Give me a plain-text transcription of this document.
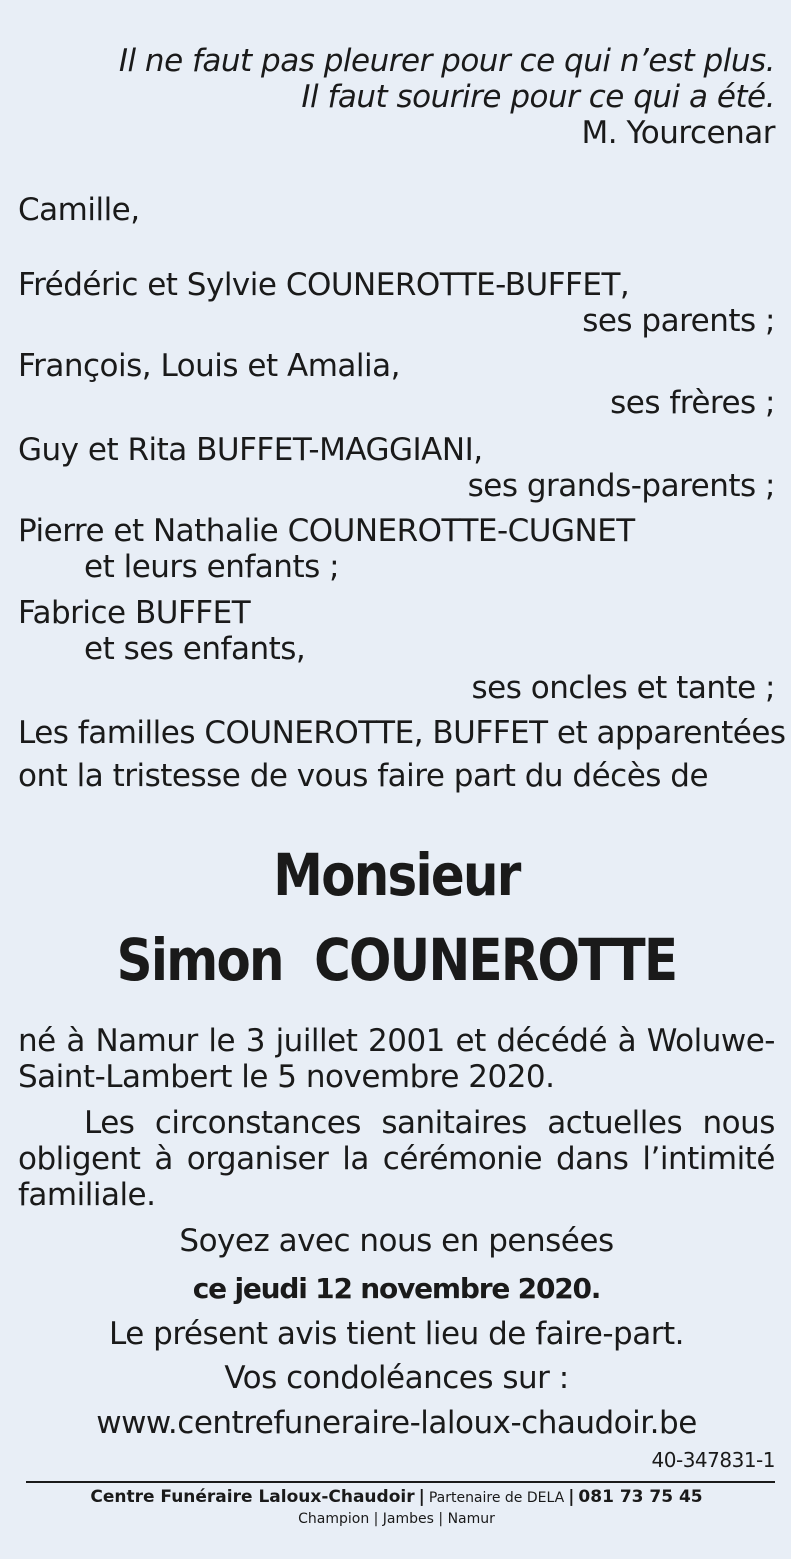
Il ne faut pas pleurer pour ce qui n’est plus.
Il faut sourire pour ce qui a été.
M. Yourcenar
Camille,
Frédéric et Sylvie COUNEROTTE-BUFFET,
ses parents ;
François, Louis et Amalia,
ses frères ;
Guy et Rita BUFFET-MAGGIANI,
ses grands-parents ;
Pierre et Nathalie COUNEROTTE-CUGNET
et leurs enfants ;
Fabrice BUFFET
et ses enfants,
ses oncles et tante ;
Les familles COUNEROTTE, BUFFET et apparentées
ont la tristesse de vous faire part du décès de
Monsieur
Simon  COUNEROTTE
né à Namur le 3 juillet 2001 et décédé à Woluwe-
Saint-Lambert le 5 novembre 2020.
Les circonstances sanitaires actuelles nous
obligent à organiser la cérémonie dans l’intimité
familiale.
Soyez avec nous en pensées
ce jeudi 12 novembre 2020.
Le présent avis tient lieu de faire-part.
Vos condoléances sur :
www.centrefuneraire-laloux-chaudoir.be
40-347831-1
Centre Funéraire Laloux-Chaudoir | Partenaire de DELA | 081 73 75 45
Champion | Jambes | Namur
